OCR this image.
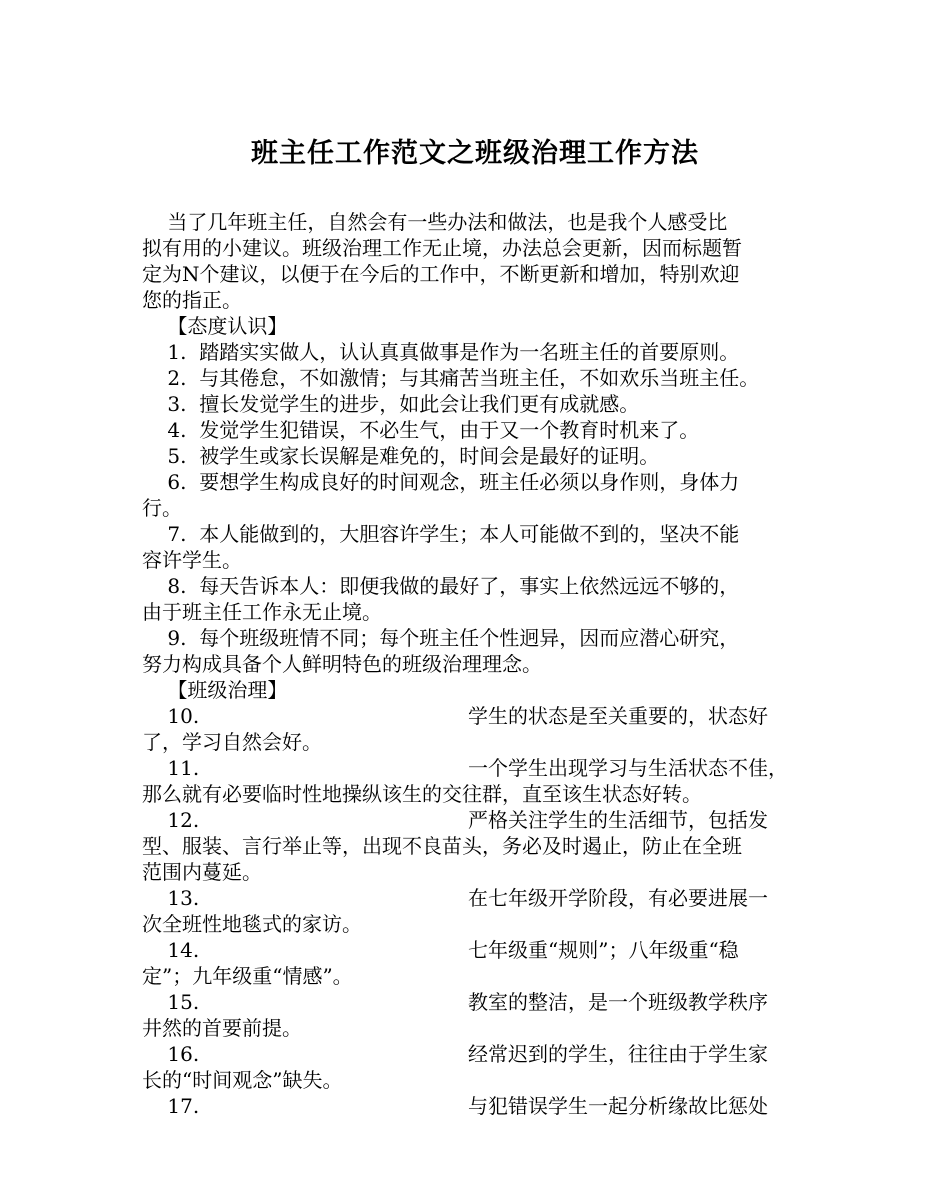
班主任工作范文之班级治理工作方法
当了几年班主任，自然会有一些办法和做法，也是我个人感受比
拟有用的小建议。班级治理工作无止境，办法总会更新，因而标题暂
定为N个建议，以便于在今后的工作中，不断更新和增加，特别欢迎
您的指正。
【态度认识】
1.  踏踏实实做人，认认真真做事是作为一名班主任的首要原则。
2.  与其倦怠，不如激情；与其痛苦当班主任，不如欢乐当班主任。
3.  擅长发觉学生的进步，如此会让我们更有成就感。
4.  发觉学生犯错误，不必生气，由于又一个教育时机来了。
5.  被学生或家长误解是难免的，时间会是最好的证明。
6.  要想学生构成良好的时间观念，班主任必须以身作则，身体力
行。
7.  本人能做到的，大胆容许学生；本人可能做不到的，坚决不能
容许学生。
8.  每天告诉本人：即便我做的最好了，事实上依然远远不够的，
由于班主任工作永无止境。
9.  每个班级班情不同；每个班主任个性迥异，因而应潜心研究，
努力构成具备个人鲜明特色的班级治理理念。
【班级治理】
10.	学生的状态是至关重要的，状态好
了，学习自然会好。
11.	一个学生出现学习与生活状态不佳，
那么就有必要临时性地操纵该生的交往群，直至该生状态好转。
12.	严格关注学生的生活细节，包括发
型、服装、言行举止等，出现不良苗头，务必及时遏止，防止在全班
范围内蔓延。
13.	在七年级开学阶段，有必要进展一
次全班性地毯式的家访。
14.	七年级重“规则”；八年级重“稳
定”；九年级重“情感”。
15.	教室的整洁，是一个班级教学秩序
井然的首要前提。
16.	经常迟到的学生，往往由于学生家
长的“时间观念”缺失。
17.	与犯错误学生一起分析缘故比惩处
